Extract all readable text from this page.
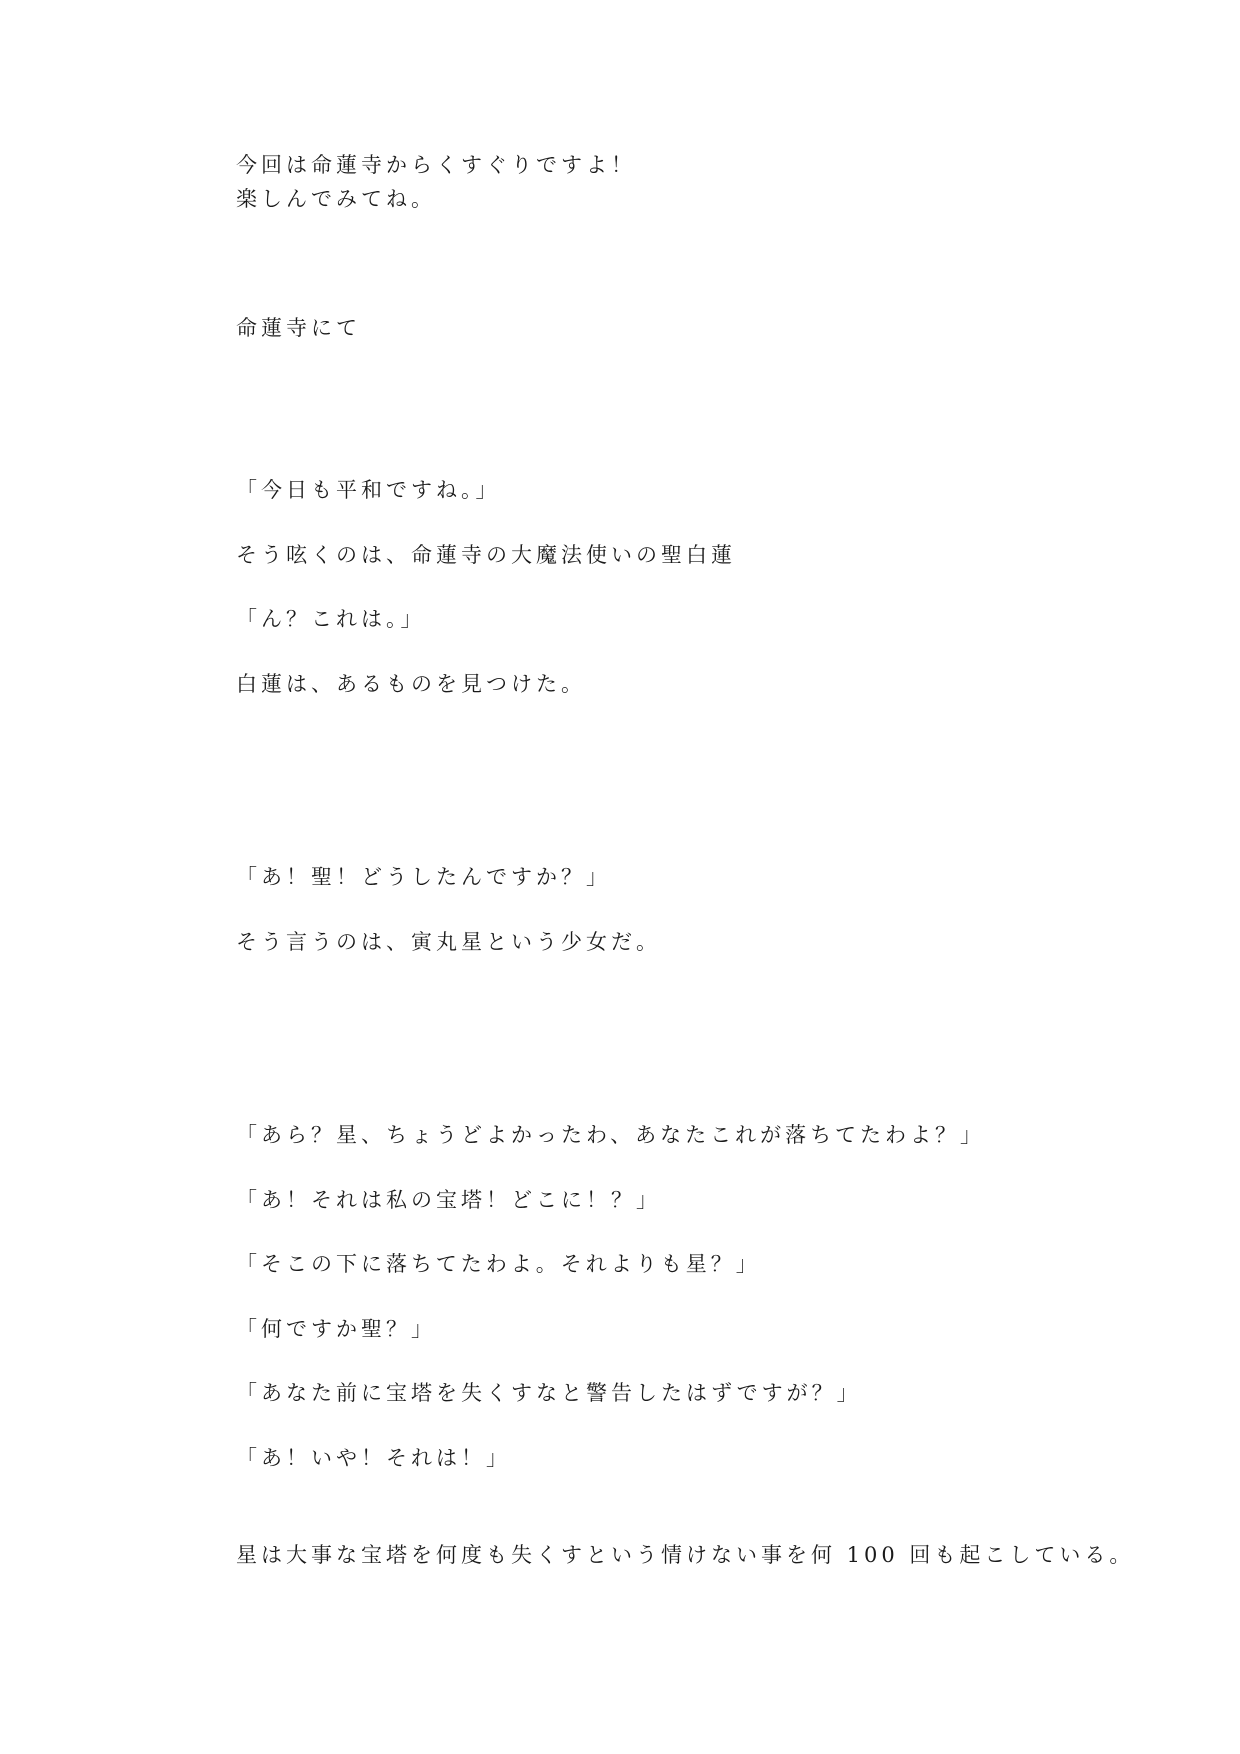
今回は命蓮寺からくすぐりですよ！
楽しんでみてね。
命蓮寺にて
「今日も平和ですね。」
そう呟くのは、命蓮寺の大魔法使いの聖白蓮
「ん？これは。」
白蓮は、あるものを見つけた。
「あ！聖！どうしたんですか？」
そう言うのは、寅丸星という少女だ。
「あら？星、ちょうどよかったわ、あなたこれが落ちてたわよ？」
「あ！それは私の宝塔！どこに！？」
「そこの下に落ちてたわよ。それよりも星？」
「何ですか聖？」
「あなた前に宝塔を失くすなと警告したはずですが？」
「あ！いや！それは！」
星は大事な宝塔を何度も失くすという情けない事を何 100 回も起こしている。
